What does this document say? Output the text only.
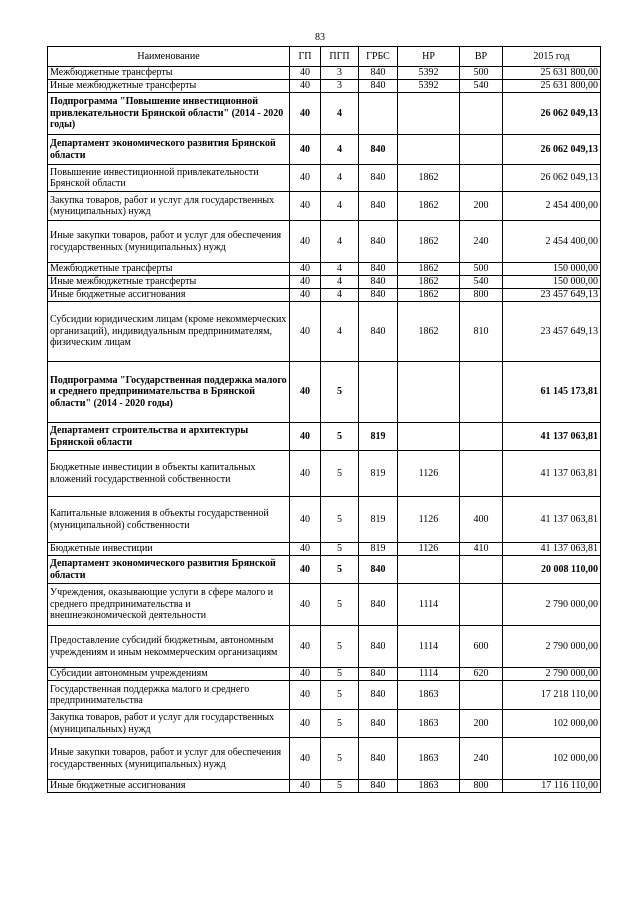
83
Наименование	ГП	ПГП	ГРБС	НР	ВР	2015 год
Межбюджетные трансферты	40	3	840	5392	500	25 631 800,00
Иные межбюджетные трансферты	40	3	840	5392	540	25 631 800,00
Подпрограмма "Повышение инвестиционной привлекательности Брянской области" (2014 - 2020 годы)	40	4				26 062 049,13
Департамент экономического развития Брянской области	40	4	840			26 062 049,13
Повышение инвестиционной привлекательности Брянской области	40	4	840	1862		26 062 049,13
Закупка товаров, работ и услуг для государственных (муниципальных) нужд	40	4	840	1862	200	2 454 400,00
Иные закупки товаров, работ и услуг для обеспечения государственных (муниципальных) нужд	40	4	840	1862	240	2 454 400,00
Межбюджетные трансферты	40	4	840	1862	500	150 000,00
Иные межбюджетные трансферты	40	4	840	1862	540	150 000,00
Иные бюджетные ассигнования	40	4	840	1862	800	23 457 649,13
Субсидии юридическим лицам (кроме некоммерческих организаций), индивидуальным предпринимателям, физическим лицам	40	4	840	1862	810	23 457 649,13
Подпрограмма "Государственная поддержка малого и среднего предпринимательства в Брянской области" (2014 - 2020 годы)	40	5				61 145 173,81
Департамент строительства и архитектуры Брянской области	40	5	819			41 137 063,81
Бюджетные инвестиции в объекты капитальных вложений государственной собственности	40	5	819	1126		41 137 063,81
Капитальные вложения в объекты государственной (муниципальной) собственности	40	5	819	1126	400	41 137 063,81
Бюджетные инвестиции	40	5	819	1126	410	41 137 063,81
Департамент экономического развития Брянской области	40	5	840			20 008 110,00
Учреждения, оказывающие услуги в сфере малого и среднего предпринимательства и внешнеэкономической деятельности	40	5	840	1114		2 790 000,00
Предоставление субсидий бюджетным, автономным учреждениям и иным некоммерческим организациям	40	5	840	1114	600	2 790 000,00
Субсидии автономным учреждениям	40	5	840	1114	620	2 790 000,00
Государственная поддержка малого и среднего предпринимательства	40	5	840	1863		17 218 110,00
Закупка товаров, работ и услуг для государственных (муниципальных) нужд	40	5	840	1863	200	102 000,00
Иные закупки товаров, работ и услуг для обеспечения государственных (муниципальных) нужд	40	5	840	1863	240	102 000,00
Иные бюджетные ассигнования	40	5	840	1863	800	17 116 110,00
